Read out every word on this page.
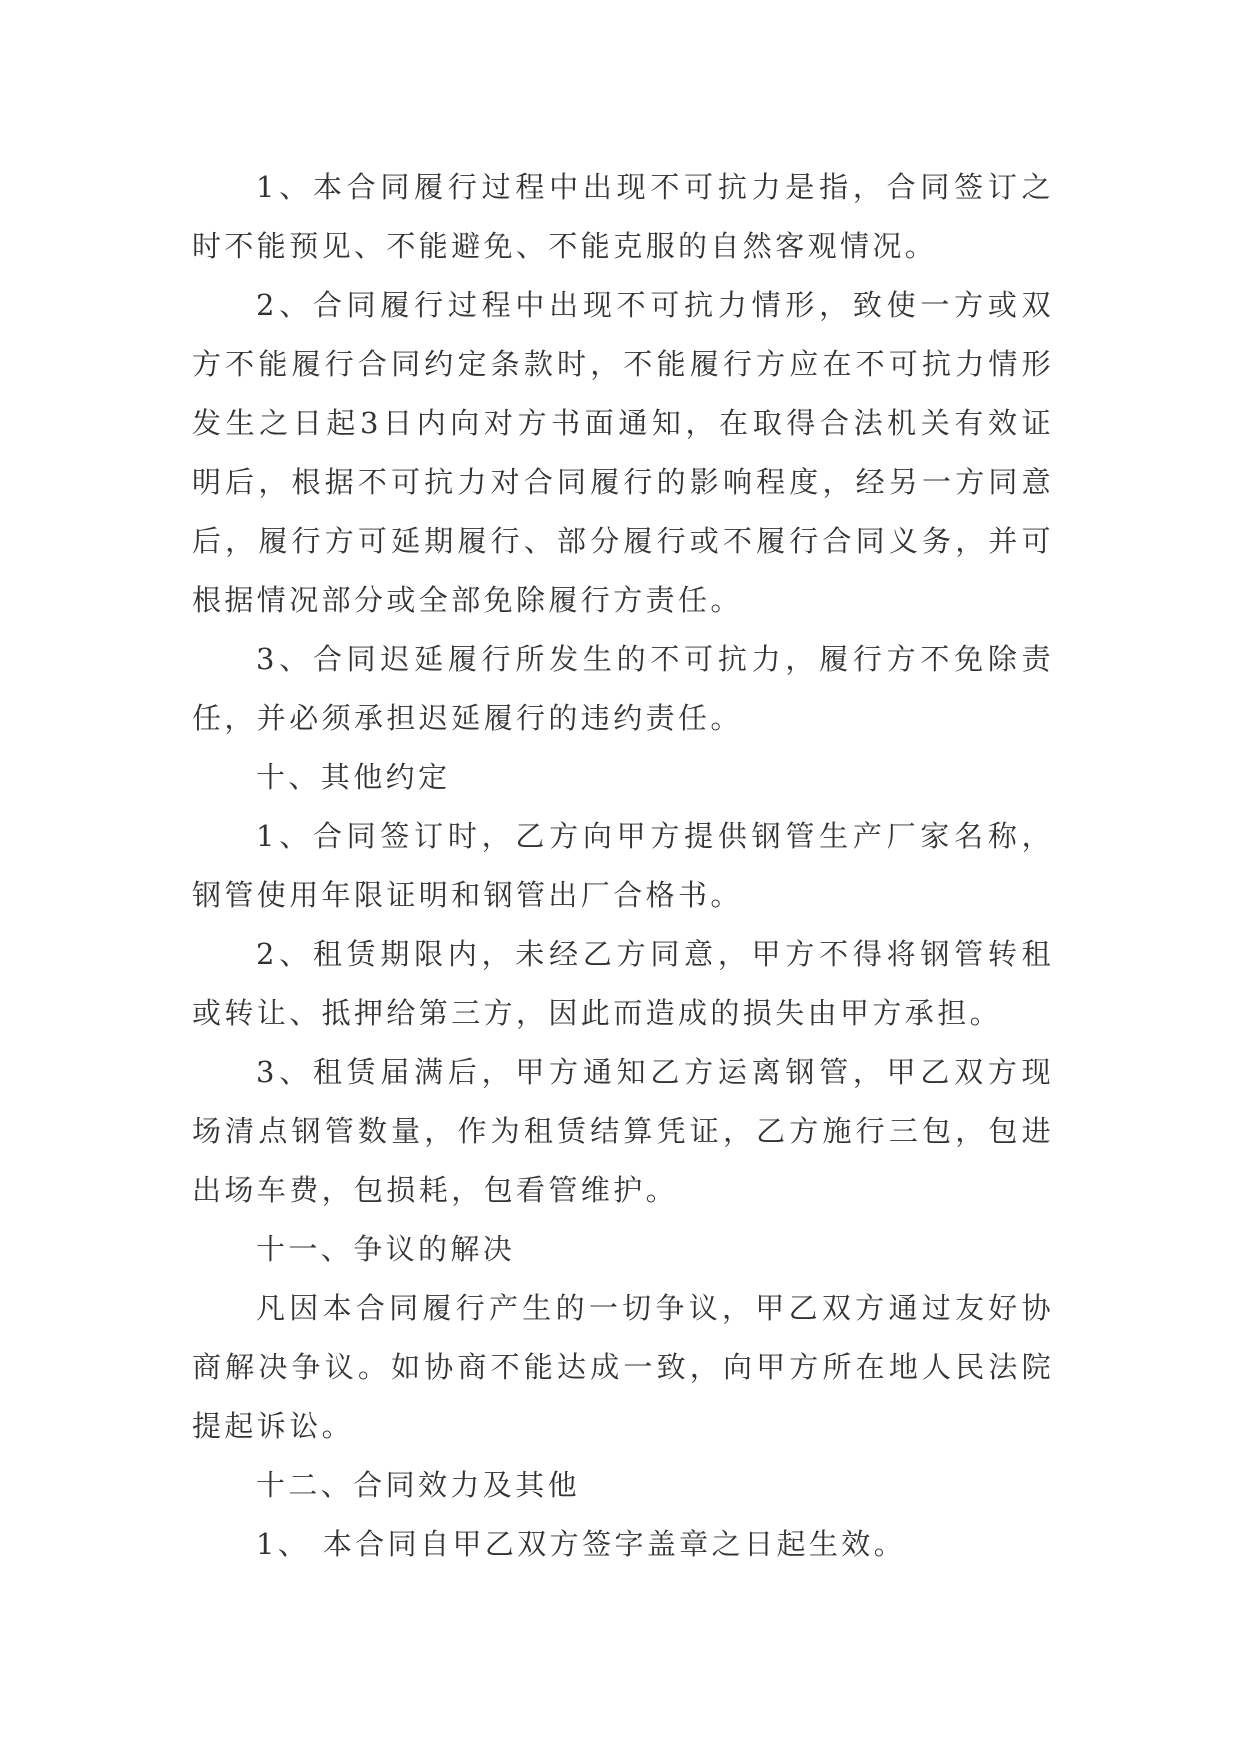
1、本合同履行过程中出现不可抗力是指，合同签订之时不能预见、不能避免、不能克服的自然客观情况。

2、合同履行过程中出现不可抗力情形，致使一方或双方不能履行合同约定条款时，不能履行方应在不可抗力情形发生之日起3日内向对方书面通知，在取得合法机关有效证明后，根据不可抗力对合同履行的影响程度，经另一方同意后，履行方可延期履行、部分履行或不履行合同义务，并可根据情况部分或全部免除履行方责任。

3、合同迟延履行所发生的不可抗力，履行方不免除责任，并必须承担迟延履行的违约责任。

十、其他约定

1、合同签订时，乙方向甲方提供钢管生产厂家名称，钢管使用年限证明和钢管出厂合格书。

2、租赁期限内，未经乙方同意，甲方不得将钢管转租或转让、抵押给第三方，因此而造成的损失由甲方承担。

3、租赁届满后，甲方通知乙方运离钢管，甲乙双方现场清点钢管数量，作为租赁结算凭证，乙方施行三包，包进出场车费，包损耗，包看管维护。

十一、争议的解决

凡因本合同履行产生的一切争议，甲乙双方通过友好协商解决争议。如协商不能达成一致，向甲方所在地人民法院提起诉讼。

十二、合同效力及其他

1、 本合同自甲乙双方签字盖章之日起生效。
